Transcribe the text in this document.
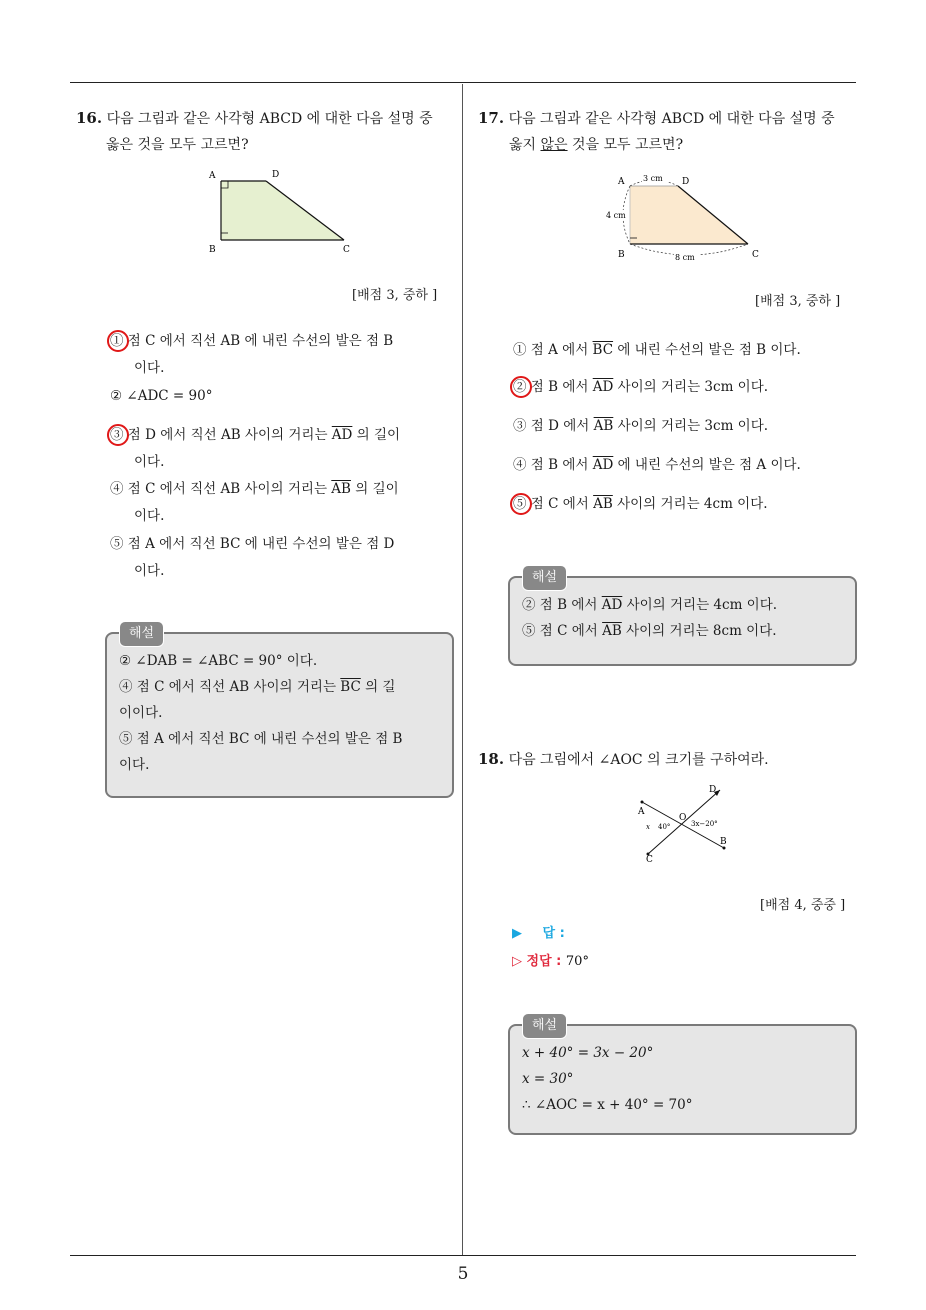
5
16. 다음 그림과 같은 사각형 ABCD 에 대한 다음 설명 중
옳은 것을 모두 고르면?
A	D
B	C
[배점 3, 중하 ]
① 점 C 에서 직선 AB 에 내린 수선의 발은 점 B
이다.
② ∠ADC = 90°
③ 점 D 에서 직선 AB 사이의 거리는 $\overline{AD}$ 의 길이
이다.
④ 점 C 에서 직선 AB 사이의 거리는 $\overline{AB}$ 의 길이
이다.
⑤ 점 A 에서 직선 BC 에 내린 수선의 발은 점 D
이다.
해설
② ∠DAB = ∠ABC = 90° 이다.
④ 점 C 에서 직선 AB 사이의 거리는 $\overline{BC}$ 의 길
이이다.
⑤ 점 A 에서 직선 BC 에 내린 수선의 발은 점 B
이다.
17. 다음 그림과 같은 사각형 ABCD 에 대한 다음 설명 중
옳지 않은 것을 모두 고르면?
3 cm
4 cm
8 cm
A	D
B	C
[배점 3, 중하 ]
① 점 A 에서 $\overline{BC}$ 에 내린 수선의 발은 점 B 이다.
② 점 B 에서 $\overline{AD}$ 사이의 거리는 3cm 이다.
③ 점 D 에서 $\overline{AB}$ 사이의 거리는 3cm 이다.
④ 점 B 에서 $\overline{AD}$ 에 내린 수선의 발은 점 A 이다.
⑤ 점 C 에서 $\overline{AB}$ 사이의 거리는 4cm 이다.
해설
② 점 B 에서 $\overline{AD}$ 사이의 거리는 4cm 이다.
⑤ 점 C 에서 $\overline{AB}$ 사이의 거리는 8cm 이다.
18. 다음 그림에서 ∠AOC 의 크기를 구하여라.
A
D
B
C
O
x 40°	3x−20°
[배점 4, 중중 ]
▶ 답 :
▷ 정답 : 70°
해설
x + 40° = 3x − 20°
x = 30°
∴ ∠AOC = x + 40° = 70°
